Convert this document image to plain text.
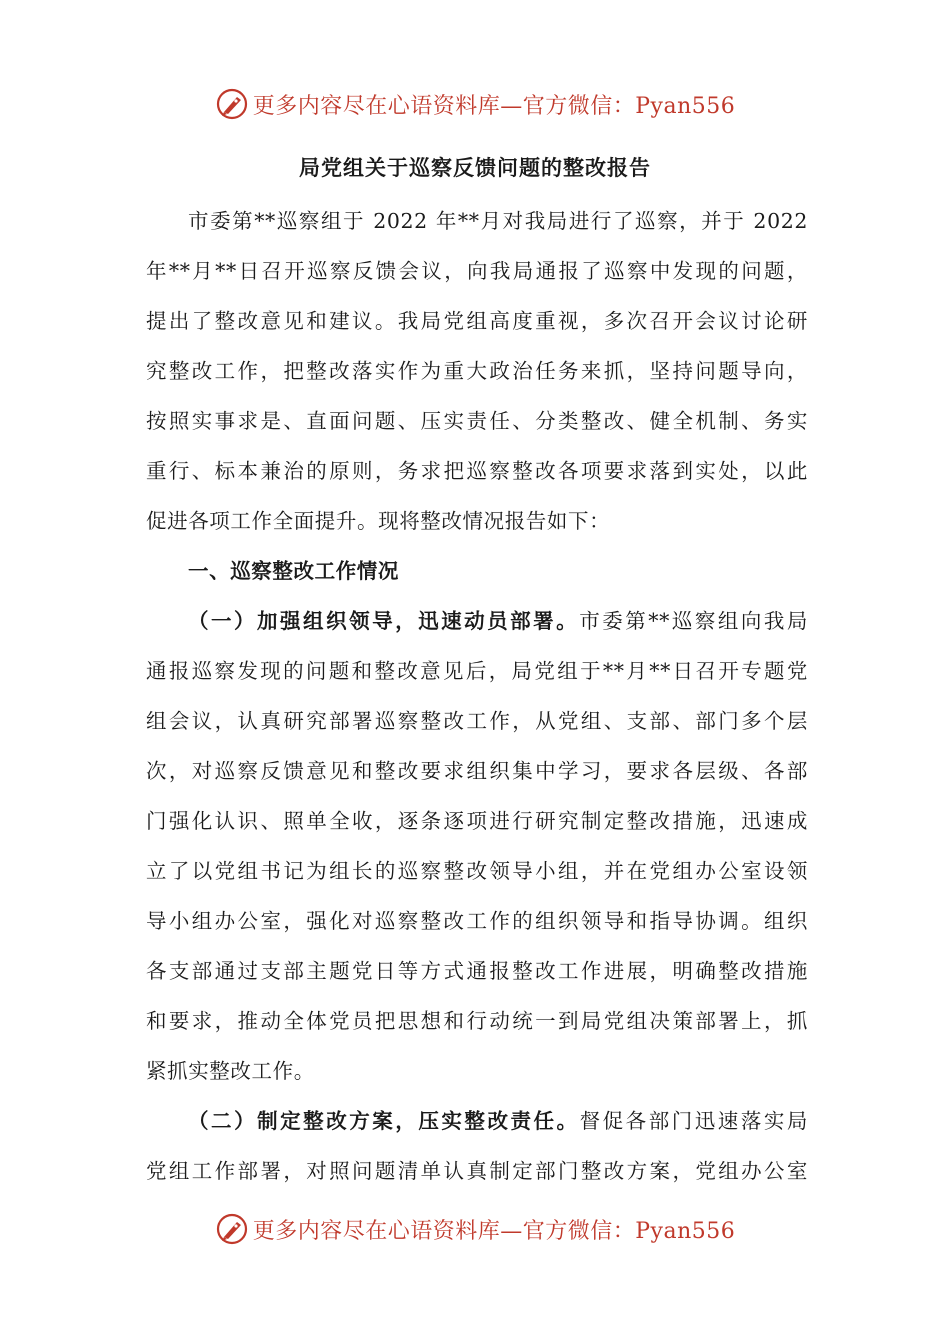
更多内容尽在心语资料库—官方微信：Pyan556
局党组关于巡察反馈问题的整改报告
市委第**巡察组于 2022 年**月对我局进行了巡察，并于 2022
年**月**日召开巡察反馈会议，向我局通报了巡察中发现的问题，
提出了整改意见和建议。我局党组高度重视，多次召开会议讨论研
究整改工作，把整改落实作为重大政治任务来抓，坚持问题导向，
按照实事求是、直面问题、压实责任、分类整改、健全机制、务实
重行、标本兼治的原则，务求把巡察整改各项要求落到实处，以此
促进各项工作全面提升。现将整改情况报告如下：
一、巡察整改工作情况
（一）加强组织领导，迅速动员部署。市委第**巡察组向我局
通报巡察发现的问题和整改意见后，局党组于**月**日召开专题党
组会议，认真研究部署巡察整改工作，从党组、支部、部门多个层
次，对巡察反馈意见和整改要求组织集中学习，要求各层级、各部
门强化认识、照单全收，逐条逐项进行研究制定整改措施，迅速成
立了以党组书记为组长的巡察整改领导小组，并在党组办公室设领
导小组办公室，强化对巡察整改工作的组织领导和指导协调。组织
各支部通过支部主题党日等方式通报整改工作进展，明确整改措施
和要求，推动全体党员把思想和行动统一到局党组决策部署上，抓
紧抓实整改工作。
（二）制定整改方案，压实整改责任。督促各部门迅速落实局
党组工作部署，对照问题清单认真制定部门整改方案，党组办公室
更多内容尽在心语资料库—官方微信：Pyan556
